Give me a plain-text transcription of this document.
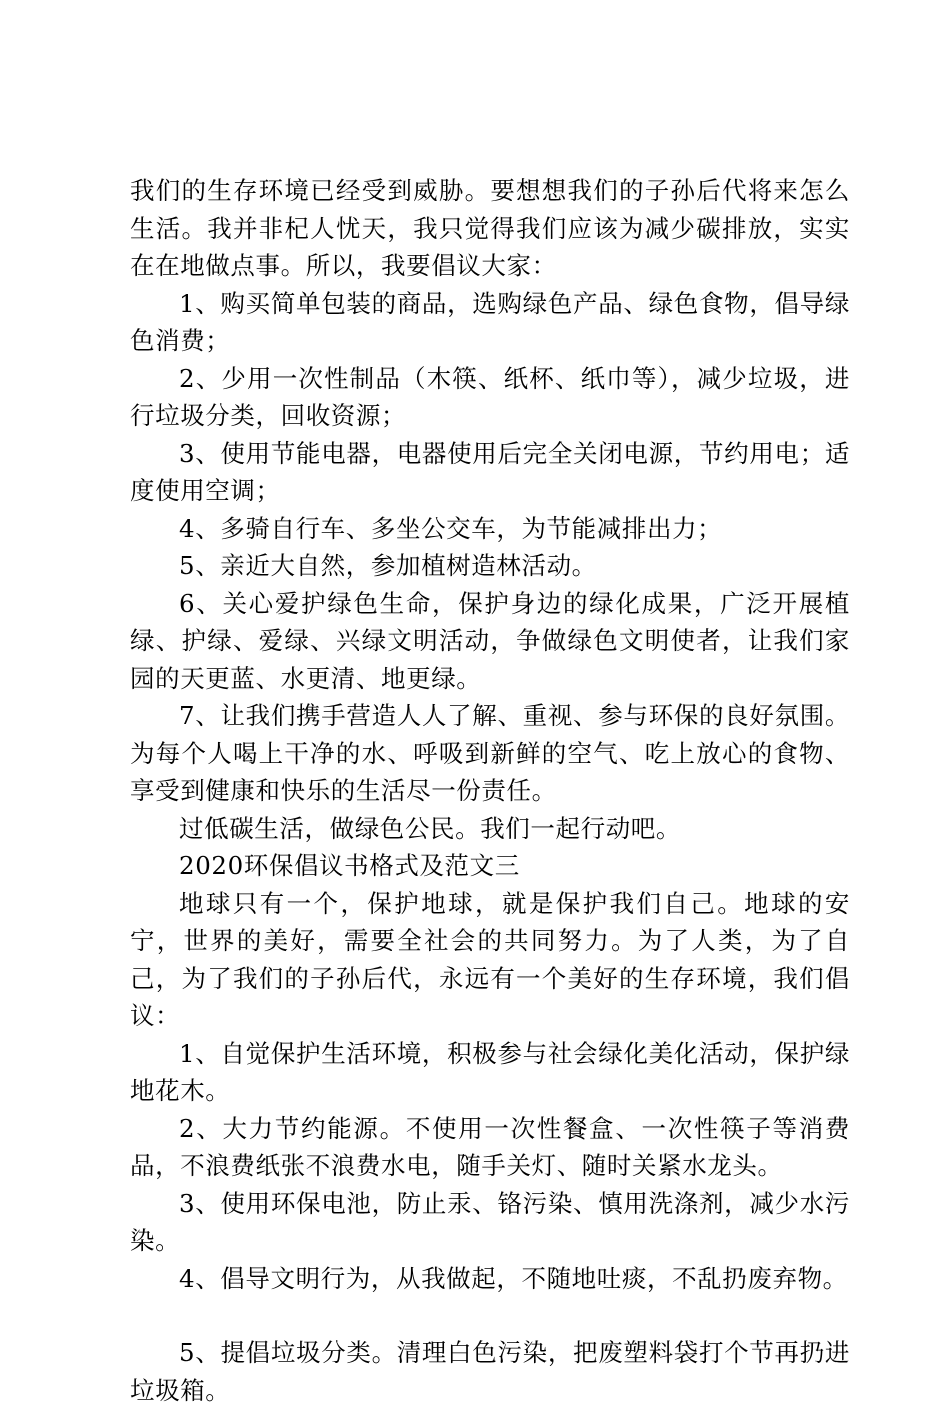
我们的生存环境已经受到威胁。要想想我们的子孙后代将来怎么生活。我并非杞人忧天，我只觉得我们应该为减少碳排放，实实在在地做点事。所以，我要倡议大家：

1、购买简单包装的商品，选购绿色产品、绿色食物，倡导绿色消费；

2、少用一次性制品（木筷、纸杯、纸巾等），减少垃圾，进行垃圾分类，回收资源；

3、使用节能电器，电器使用后完全关闭电源，节约用电；适度使用空调；

4、多骑自行车、多坐公交车，为节能减排出力；

5、亲近大自然，参加植树造林活动。

6、关心爱护绿色生命，保护身边的绿化成果，广泛开展植绿、护绿、爱绿、兴绿文明活动，争做绿色文明使者，让我们家园的天更蓝、水更清、地更绿。

7、让我们携手营造人人了解、重视、参与环保的良好氛围。为每个人喝上干净的水、呼吸到新鲜的空气、吃上放心的食物、享受到健康和快乐的生活尽一份责任。

过低碳生活，做绿色公民。我们一起行动吧。

2020环保倡议书格式及范文三

地球只有一个，保护地球，就是保护我们自己。地球的安宁，世界的美好，需要全社会的共同努力。为了人类，为了自己，为了我们的子孙后代，永远有一个美好的生存环境，我们倡议：

1、自觉保护生活环境，积极参与社会绿化美化活动，保护绿地花木。

2、大力节约能源。不使用一次性餐盒、一次性筷子等消费品，不浪费纸张不浪费水电，随手关灯、随时关紧水龙头。

3、使用环保电池，防止汞、铬污染、慎用洗涤剂，减少水污染。

4、倡导文明行为，从我做起，不随地吐痰，不乱扔废弃物。

5、提倡垃圾分类。清理白色污染，把废塑料袋打个节再扔进垃圾箱。
